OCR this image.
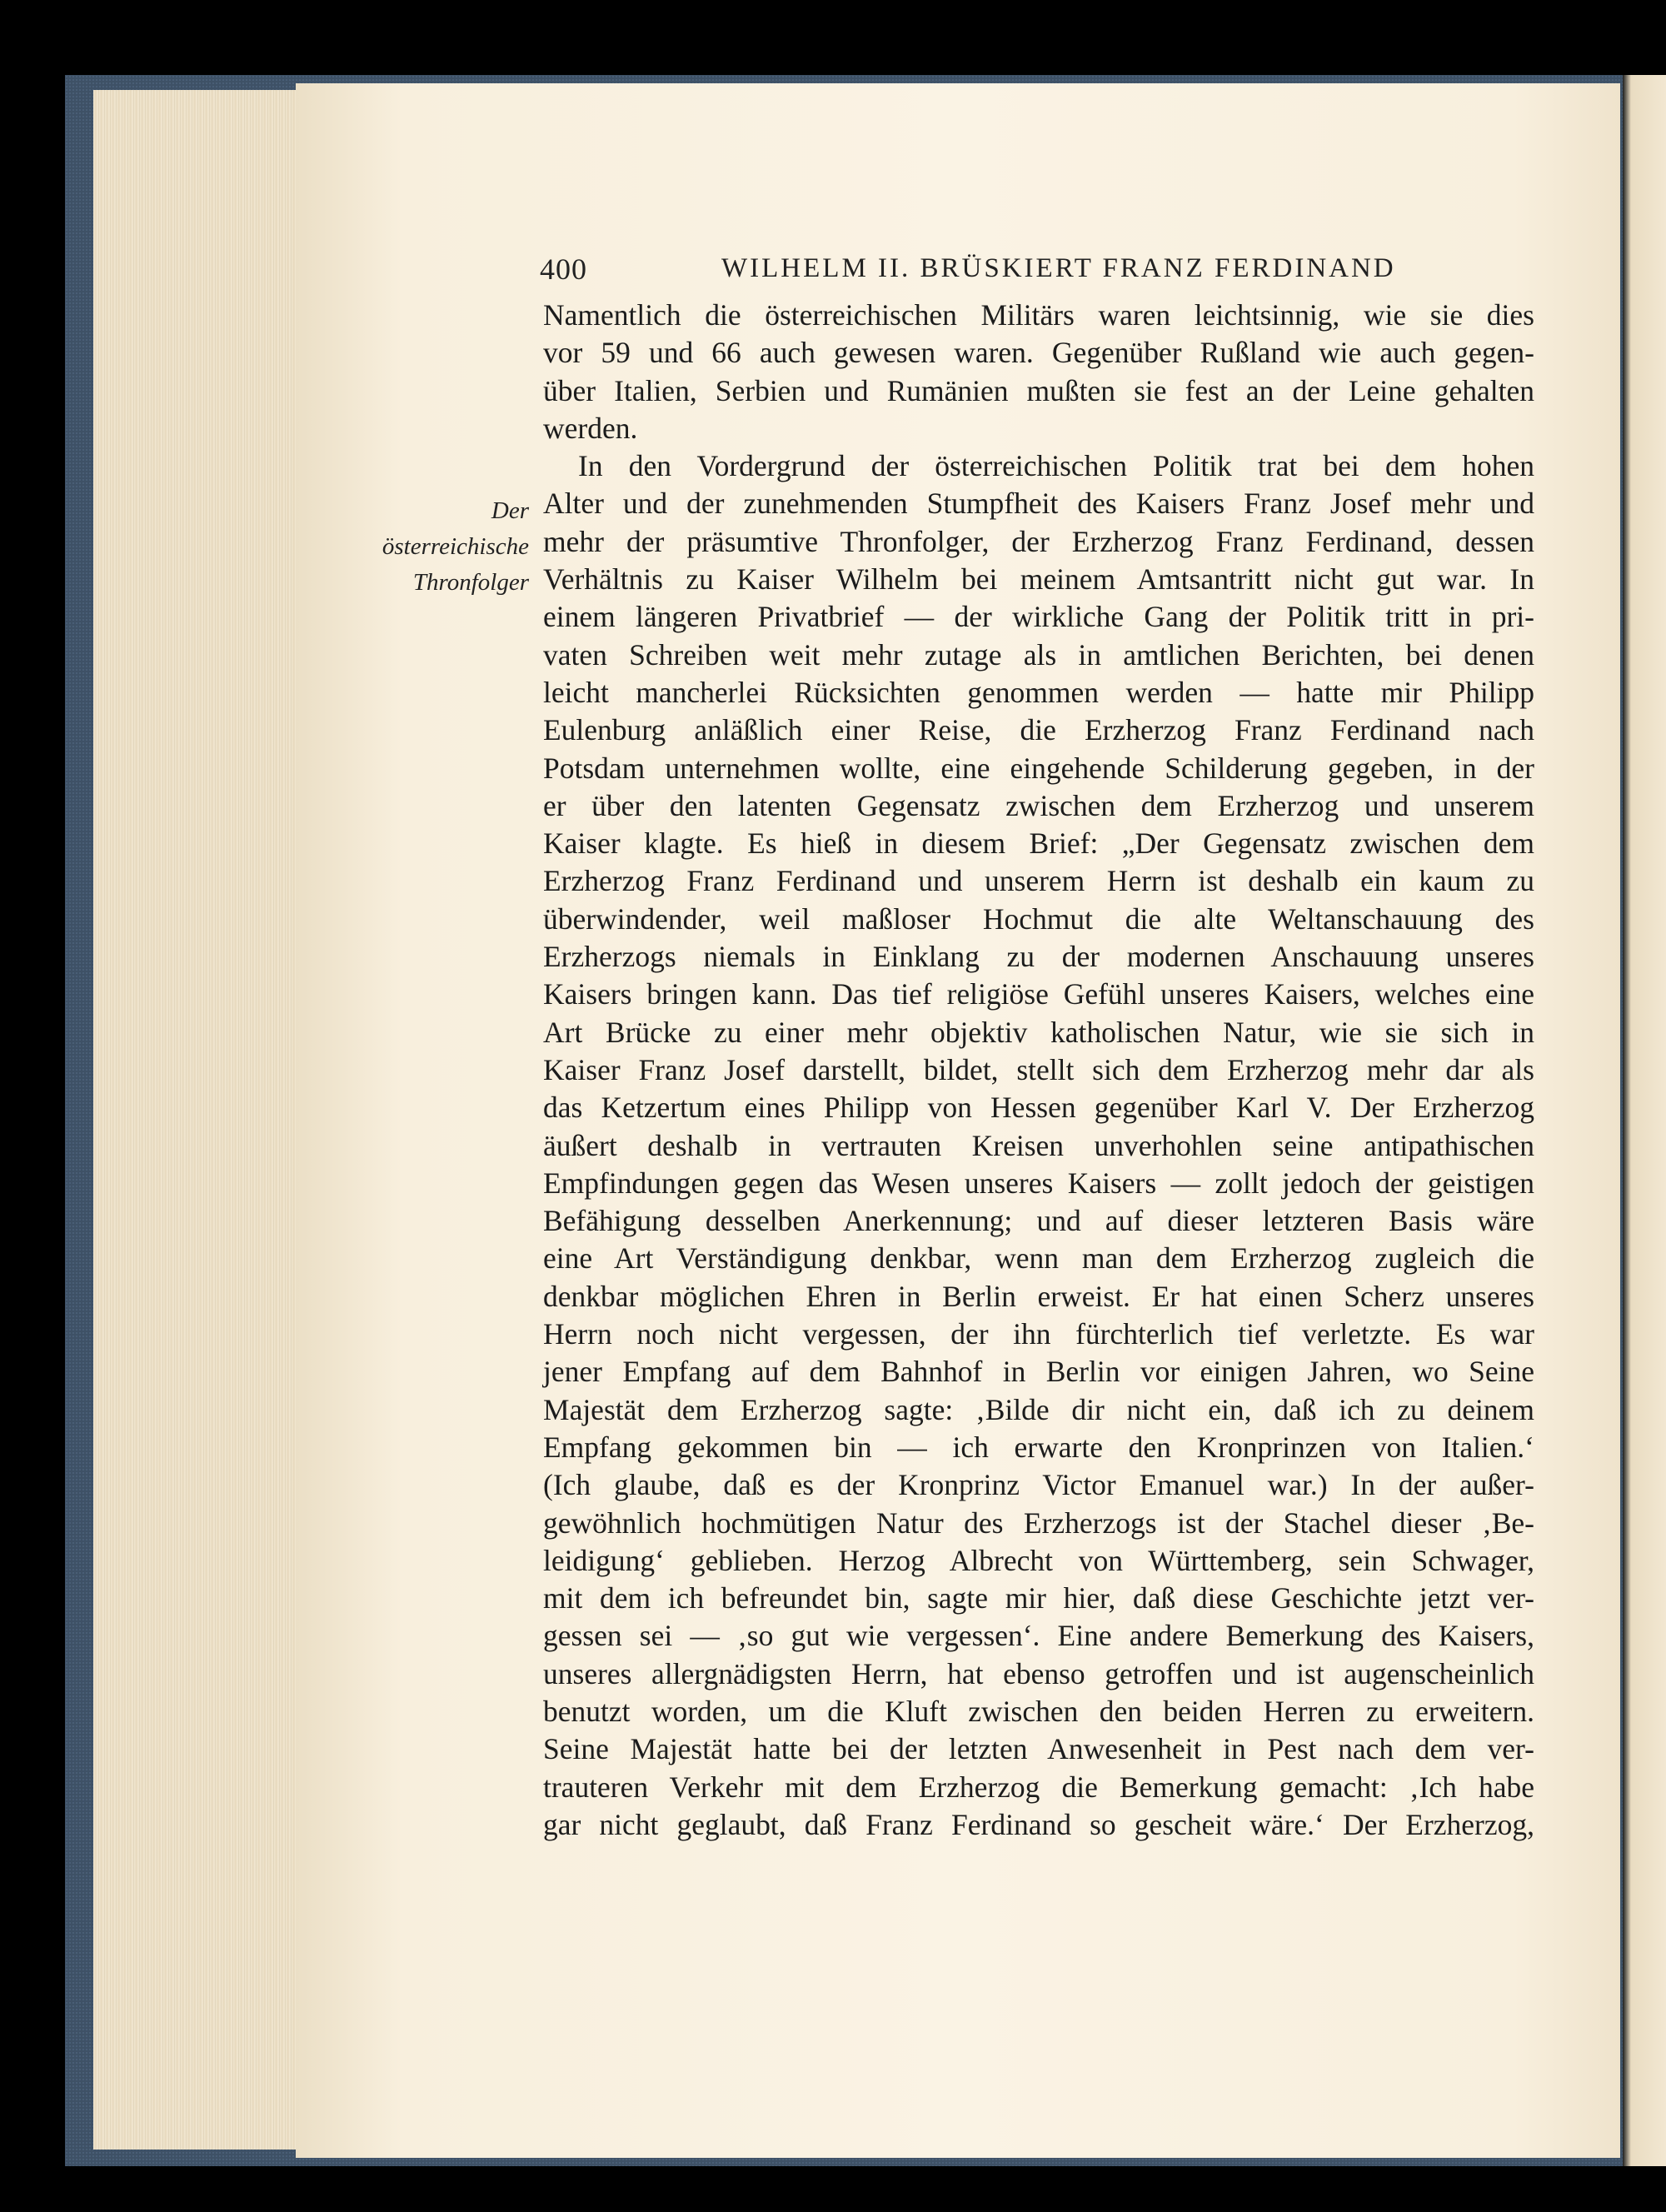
400	WILHELM II. BRÜSKIERT FRANZ FERDINAND
Der
österreichische
Thronfolger
Namentlich die österreichischen Militärs waren leichtsinnig, wie sie dies
vor 59 und 66 auch gewesen waren. Gegenüber Rußland wie auch gegen-
über Italien, Serbien und Rumänien mußten sie fest an der Leine gehalten
werden.
In den Vordergrund der österreichischen Politik trat bei dem hohen
Alter und der zunehmenden Stumpfheit des Kaisers Franz Josef mehr und
mehr der präsumtive Thronfolger, der Erzherzog Franz Ferdinand, dessen
Verhältnis zu Kaiser Wilhelm bei meinem Amtsantritt nicht gut war. In
einem längeren Privatbrief — der wirkliche Gang der Politik tritt in pri-
vaten Schreiben weit mehr zutage als in amtlichen Berichten, bei denen
leicht mancherlei Rücksichten genommen werden — hatte mir Philipp
Eulenburg anläßlich einer Reise, die Erzherzog Franz Ferdinand nach
Potsdam unternehmen wollte, eine eingehende Schilderung gegeben, in der
er über den latenten Gegensatz zwischen dem Erzherzog und unserem
Kaiser klagte. Es hieß in diesem Brief: „Der Gegensatz zwischen dem
Erzherzog Franz Ferdinand und unserem Herrn ist deshalb ein kaum zu
überwindender, weil maßloser Hochmut die alte Weltanschauung des
Erzherzogs niemals in Einklang zu der modernen Anschauung unseres
Kaisers bringen kann. Das tief religiöse Gefühl unseres Kaisers, welches eine
Art Brücke zu einer mehr objektiv katholischen Natur, wie sie sich in
Kaiser Franz Josef darstellt, bildet, stellt sich dem Erzherzog mehr dar als
das Ketzertum eines Philipp von Hessen gegenüber Karl V. Der Erzherzog
äußert deshalb in vertrauten Kreisen unverhohlen seine antipathischen
Empfindungen gegen das Wesen unseres Kaisers — zollt jedoch der geistigen
Befähigung desselben Anerkennung; und auf dieser letzteren Basis wäre
eine Art Verständigung denkbar, wenn man dem Erzherzog zugleich die
denkbar möglichen Ehren in Berlin erweist. Er hat einen Scherz unseres
Herrn noch nicht vergessen, der ihn fürchterlich tief verletzte. Es war
jener Empfang auf dem Bahnhof in Berlin vor einigen Jahren, wo Seine
Majestät dem Erzherzog sagte: ‚Bilde dir nicht ein, daß ich zu deinem
Empfang gekommen bin — ich erwarte den Kronprinzen von Italien.‘
(Ich glaube, daß es der Kronprinz Victor Emanuel war.) In der außer-
gewöhnlich hochmütigen Natur des Erzherzogs ist der Stachel dieser ‚Be-
leidigung‘ geblieben. Herzog Albrecht von Württemberg, sein Schwager,
mit dem ich befreundet bin, sagte mir hier, daß diese Geschichte jetzt ver-
gessen sei — ‚so gut wie vergessen‘. Eine andere Bemerkung des Kaisers,
unseres allergnädigsten Herrn, hat ebenso getroffen und ist augenscheinlich
benutzt worden, um die Kluft zwischen den beiden Herren zu erweitern.
Seine Majestät hatte bei der letzten Anwesenheit in Pest nach dem ver-
trauteren Verkehr mit dem Erzherzog die Bemerkung gemacht: ‚Ich habe
gar nicht geglaubt, daß Franz Ferdinand so gescheit wäre.‘ Der Erzherzog,
